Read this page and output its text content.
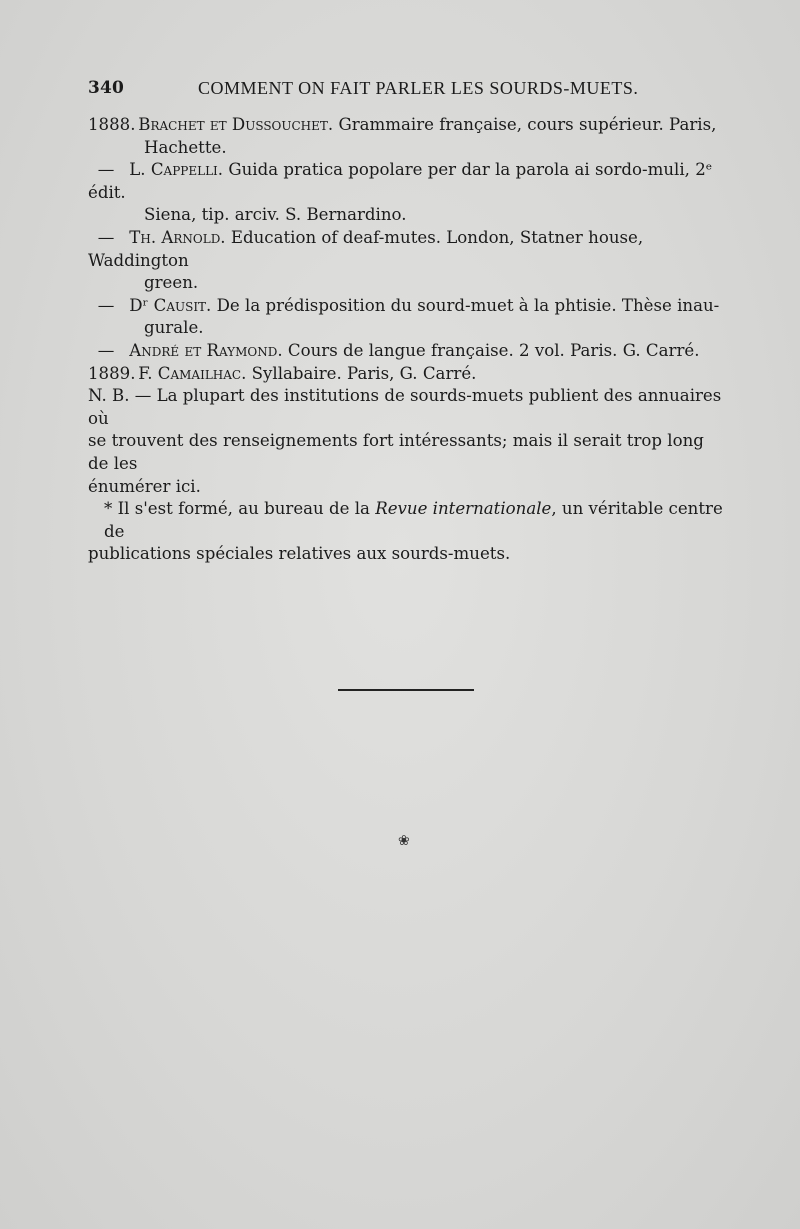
340	COMMENT ON FAIT PARLER LES SOURDS-MUETS.
1888. Brachet et Dussouchet. Grammaire française, cours supérieur. Paris,
Hachette.
— L. Cappelli. Guida pratica popolare per dar la parola ai sordo-muli, 2ᵉ édit.
Siena, tip. arciv. S. Bernardino.
— Th. Arnold. Education of deaf-mutes. London, Statner house, Waddington
green.
— Dʳ Causit. De la prédisposition du sourd-muet à la phtisie. Thèse inau-
gurale.
— André et Raymond. Cours de langue française. 2 vol. Paris. G. Carré.
1889. F. Camailhac. Syllabaire. Paris, G. Carré.
N. B. — La plupart des institutions de sourds-muets publient des annuaires où
se trouvent des renseignements fort intéressants; mais il serait trop long de les
énumérer ici.
* Il s'est formé, au bureau de la Revue internationale, un véritable centre de
publications spéciales relatives aux sourds-muets.
❀
